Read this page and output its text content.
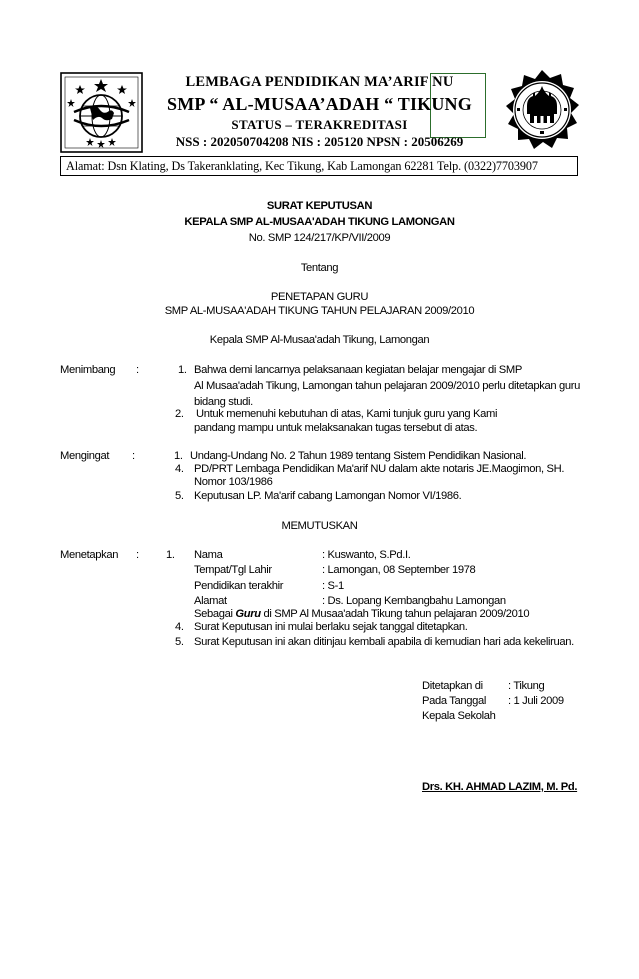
LEMBAGA PENDIDIKAN MA’ARIF NU
SMP “ AL-MUSAA’ADAH “ TIKUNG
STATUS – TERAKREDITASI
NSS : 202050704208 NIS : 205120 NPSN : 20506269
Alamat: Dsn Klating, Ds Takeranklating, Kec Tikung, Kab Lamongan 62281 Telp. (0322)7703907
SURAT KEPUTUSAN
KEPALA SMP AL-MUSAA'ADAH TIKUNG LAMONGAN
No. SMP 124/217/KP/VII/2009
Tentang
PENETAPAN GURU
SMP AL-MUSAA'ADAH TIKUNG TAHUN PELAJARAN 2009/2010
Kepala SMP Al-Musaa'adah Tikung, Lamongan
Menimbang :	1. Bahwa demi lancarnya pelaksanaan kegiatan belajar mengajar di SMP
Al Musaa'adah Tikung, Lamongan tahun pelajaran 2009/2010 perlu ditetapkan guru
bidang studi.
2. Untuk memenuhi kebutuhan di atas, Kami tunjuk guru yang Kami
pandang mampu untuk melaksanakan tugas tersebut di atas.
Mengingat :	1. Undang-Undang No. 2 Tahun 1989 tentang Sistem Pendidikan Nasional.
4. PD/PRT Lembaga Pendidikan Ma'arif NU dalam akte notaris JE.Maogimon, SH.
Nomor 103/1986
5. Keputusan LP. Ma'arif cabang Lamongan Nomor VI/1986.
MEMUTUSKAN
Menetapkan : 1. Nama	: Kuswanto, S.Pd.I.
Tempat/Tgl Lahir	: Lamongan, 08 September 1978
Pendidikan terakhir	: S-1
Alamat	: Ds. Lopang Kembangbahu Lamongan
Sebagai Guru di SMP Al Musaa'adah Tikung tahun pelajaran 2009/2010
4. Surat Keputusan ini mulai berlaku sejak tanggal ditetapkan.
5. Surat Keputusan ini akan ditinjau kembali apabila di kemudian hari ada kekeliruan.
Ditetapkan di : Tikung
Pada Tanggal : 1 Juli 2009
Kepala Sekolah
Drs. KH. AHMAD LAZIM, M. Pd.
